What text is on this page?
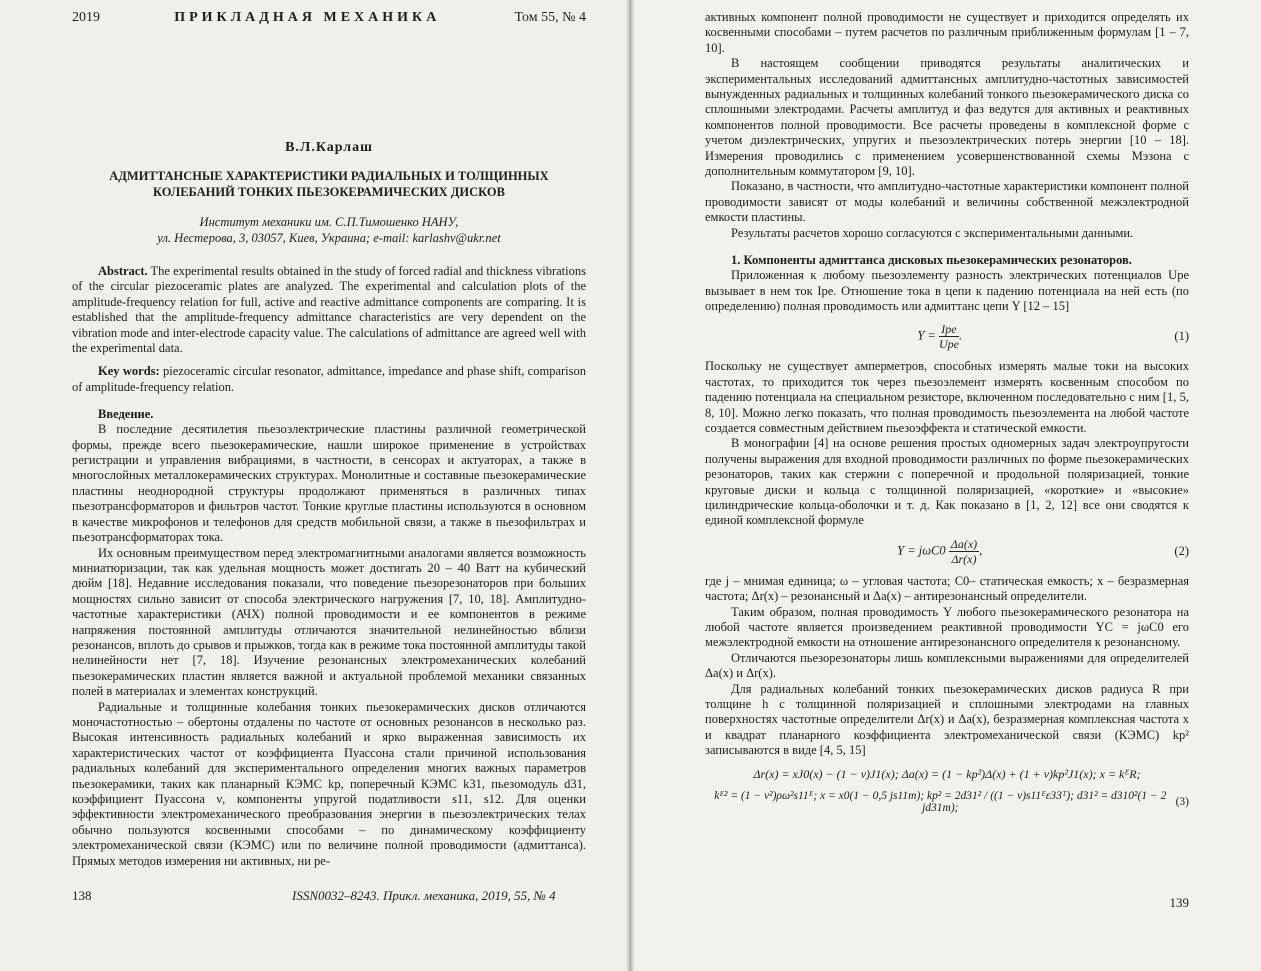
2019	ПРИКЛАДНАЯ МЕХАНИКА	Том 55, № 4
В.Л.Карлаш
АДМИТТАНСНЫЕ ХАРАКТЕРИСТИКИ РАДИАЛЬНЫХ И ТОЛЩИННЫХ КОЛЕБАНИЙ ТОНКИХ ПЬЕЗОКЕРАМИЧЕСКИХ ДИСКОВ
Институт механики им. С.П.Тимошенко НАНУ,
ул. Нестерова, 3, 03057, Киев, Украина; e-mail: karlashv@ukr.net

Abstract. The experimental results obtained in the study of forced radial and thickness vibrations of the circular piezoceramic plates are analyzed. The experimental and calculation plots of the amplitude-frequency relation for full, active and reactive admittance components are comparing. It is established that the amplitude-frequency admittance characteristics are very dependent on the vibration mode and inter-electrode capacity value. The calculations of admittance are agreed well with the experimental data.

Key words: piezoceramic circular resonator, admittance, impedance and phase shift, comparison of amplitude-frequency relation.

Введение.

В последние десятилетия пьезоэлектрические пластины различной геометрической формы, прежде всего пьезокерамические, нашли широкое применение в устройствах регистрации и управления вибрациями, в частности, в сенсорах и актуаторах, а также в многослойных металлокерамических структурах. Монолитные и составные пьезокерамические пластины неоднородной структуры продолжают применяться в различных типах пьезотрансформаторов и фильтров частот. Тонкие круглые пластины используются в основном в качестве микрофонов и телефонов для средств мобильной связи, а также в пьезофильтрах и пьезотрансформаторах тока.

Их основным преимуществом перед электромагнитными аналогами является возможность миниатюризации, так как удельная мощность может достигать 20 – 40 Ватт на кубический дюйм [18]. Недавние исследования показали, что поведение пьезорезонаторов при больших мощностях сильно зависит от способа электрического нагружения [7, 10, 18]. Амплитудно-частотные характеристики (АЧХ) полной проводимости и ее компонентов в режиме напряжения постоянной амплитуды отличаются значительной нелинейностью вблизи резонансов, вплоть до срывов и прыжков, тогда как в режиме тока постоянной амплитуды такой нелинейности нет [7, 18]. Изучение резонансных электромеханических колебаний пьезокерамических пластин является важной и актуальной проблемой механики связанных полей в материалах и элементах конструкций.

Радиальные и толщинные колебания тонких пьезокерамических дисков отличаются моночастотностью – обертоны отдалены по частоте от основных резонансов в несколько раз. Высокая интенсивность радиальных колебаний и ярко выраженная зависимость их характеристических частот от коэффициента Пуассона стали причиной использования радиальных колебаний для экспериментального определения многих важных параметров пьезокерамики, таких как планарный КЭМС kp, поперечный КЭМС k31, пьезомодуль d31, коэффициент Пуассона ν, компоненты упругой податливости s11, s12. Для оценки эффективности электромеханического преобразования энергии в пьезоэлектрических телах обычно пользуются косвенными способами – по динамическому коэффициенту электромеханической связи (КЭМС) или по величине полной проводимости (адмиттанса). Прямых методов измерения ни активных, ни ре-

138	ISSN0032–8243. Прикл. механика, 2019, 55, № 4

активных компонент полной проводимости не существует и приходится определять их косвенными способами – путем расчетов по различным приближенным формулам [1 – 7, 10].

В настоящем сообщении приводятся результаты аналитических и экспериментальных исследований адмиттансных амплитудно-частотных зависимостей вынужденных радиальных и толщинных колебаний тонкого пьезокерамического диска со сплошными электродами. Расчеты амплитуд и фаз ведутся для активных и реактивных компонентов полной проводимости. Все расчеты проведены в комплексной форме с учетом диэлектрических, упругих и пьезоэлектрических потерь энергии [10 – 18]. Измерения проводились с применением усовершенствованной схемы Мэзона с дополнительным коммутатором [9, 10].

Показано, в частности, что амплитудно-частотные характеристики компонент полной проводимости зависят от моды колебаний и величины собственной межэлектродной емкости пластины.

Результаты расчетов хорошо согласуются с экспериментальными данными.

1. Компоненты адмиттанса дисковых пьезокерамических резонаторов.

Приложенная к любому пьезоэлементу разность электрических потенциалов Upe вызывает в нем ток Ipe. Отношение тока в цепи к падению потенциала на ней есть (по определению) полная проводимость или адмиттанс цепи Y [12 – 15]

$Y = \frac{\text{Ipe}}{\text{Upe}}$ .	(1)

Поскольку не существует амперметров, способных измерять малые токи на высоких частотах, то приходится ток через пьезоэлемент измерять косвенным способом по падению потенциала на специальном резисторе, включенном последовательно с ним [1, 5, 8, 10]. Можно легко показать, что полная проводимость пьезоэлемента на любой частоте создается совместным действием пьезоэффекта и статической емкости.

В монографии [4] на основе решения простых одномерных задач электроупругости получены выражения для входной проводимости различных по форме пьезокерамических резонаторов, таких как стержни с поперечной и продольной поляризацией, тонкие круговые диски и кольца с толщинной поляризацией, «короткие» и «высокие» цилиндрические кольца-оболочки и т. д. Как показано в [1, 2, 12] все они сводятся к единой комплексной формуле

$Y = j\omega C0 \frac{\Delta a(x)}{\Delta r(x)}$ ,	(2)

где j – мнимая единица; ω – угловая частота; C0– статическая емкость; x – безразмерная частота; Δr(x) – резонансный и Δa(x) – антирезонансный определители.

Таким образом, полная проводимость Y любого пьезокерамического резонатора на любой частоте является произведением реактивной проводимости YC = jωC0 его межэлектродной емкости на отношение антирезонансного определителя к резонансному.

Отличаются пьезорезонаторы лишь комплексными выражениями для определителей Δa(x) и Δr(x).

Для радиальных колебаний тонких пьезокерамических дисков радиуса R при толщине h с толщинной поляризацией и сплошными электродами на главных поверхностях частотные определители Δr(x) и Δa(x), безразмерная комплексная частота x и квадрат планарного коэффициента электромеханической связи (КЭМС) kp² записываются в виде [4, 5, 15]

Δr(x) = xJ0(x) − (1 − ν)J1(x); Δa(x) = (1 − kp²)Δ(x) + (1 + ν)kp²J1(x); x = kᴱR;
kᴱ² = (1 − ν²)ρω²s11ᴱ; x = x0(1 − 0,5 js11m); kp² = 2d31² / ((1 − ν)s11ᴱε33ᵀ); d31² = d310²(1 − 2 jd31m);	(3)
139
